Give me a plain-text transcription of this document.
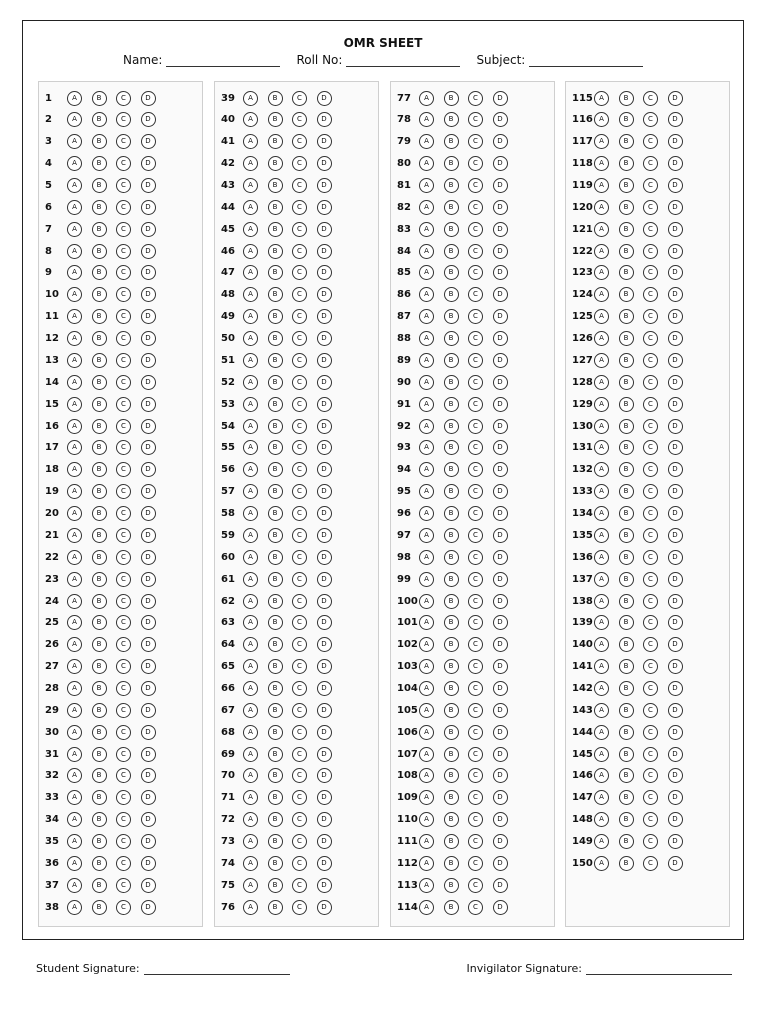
OMR SHEET
Name:	Roll No:	Subject:
1	A	B	C	D
2	A	B	C	D
3	A	B	C	D
4	A	B	C	D
5	A	B	C	D
6	A	B	C	D
7	A	B	C	D
8	A	B	C	D
9	A	B	C	D
10	A	B	C	D
11	A	B	C	D
12	A	B	C	D
13	A	B	C	D
14	A	B	C	D
15	A	B	C	D
16	A	B	C	D
17	A	B	C	D
18	A	B	C	D
19	A	B	C	D
20	A	B	C	D
21	A	B	C	D
22	A	B	C	D
23	A	B	C	D
24	A	B	C	D
25	A	B	C	D
26	A	B	C	D
27	A	B	C	D
28	A	B	C	D
29	A	B	C	D
30	A	B	C	D
31	A	B	C	D
32	A	B	C	D
33	A	B	C	D
34	A	B	C	D
35	A	B	C	D
36	A	B	C	D
37	A	B	C	D
38	A	B	C	D
39	A	B	C	D
40	A	B	C	D
41	A	B	C	D
42	A	B	C	D
43	A	B	C	D
44	A	B	C	D
45	A	B	C	D
46	A	B	C	D
47	A	B	C	D
48	A	B	C	D
49	A	B	C	D
50	A	B	C	D
51	A	B	C	D
52	A	B	C	D
53	A	B	C	D
54	A	B	C	D
55	A	B	C	D
56	A	B	C	D
57	A	B	C	D
58	A	B	C	D
59	A	B	C	D
60	A	B	C	D
61	A	B	C	D
62	A	B	C	D
63	A	B	C	D
64	A	B	C	D
65	A	B	C	D
66	A	B	C	D
67	A	B	C	D
68	A	B	C	D
69	A	B	C	D
70	A	B	C	D
71	A	B	C	D
72	A	B	C	D
73	A	B	C	D
74	A	B	C	D
75	A	B	C	D
76	A	B	C	D
77	A	B	C	D
78	A	B	C	D
79	A	B	C	D
80	A	B	C	D
81	A	B	C	D
82	A	B	C	D
83	A	B	C	D
84	A	B	C	D
85	A	B	C	D
86	A	B	C	D
87	A	B	C	D
88	A	B	C	D
89	A	B	C	D
90	A	B	C	D
91	A	B	C	D
92	A	B	C	D
93	A	B	C	D
94	A	B	C	D
95	A	B	C	D
96	A	B	C	D
97	A	B	C	D
98	A	B	C	D
99	A	B	C	D
100 A	B	C	D
101 A	B	C	D
102 A	B	C	D
103 A	B	C	D
104 A	B	C	D
105 A	B	C	D
106 A	B	C	D
107 A	B	C	D
108 A	B	C	D
109 A	B	C	D
110 A	B	C	D
111 A	B	C	D
112 A	B	C	D
113 A	B	C	D
114 A	B	C	D
115 A	B	C	D
116 A	B	C	D
117 A	B	C	D
118 A	B	C	D
119 A	B	C	D
120 A	B	C	D
121 A	B	C	D
122 A	B	C	D
123 A	B	C	D
124 A	B	C	D
125 A	B	C	D
126 A	B	C	D
127 A	B	C	D
128 A	B	C	D
129 A	B	C	D
130 A	B	C	D
131 A	B	C	D
132 A	B	C	D
133 A	B	C	D
134 A	B	C	D
135 A	B	C	D
136 A	B	C	D
137 A	B	C	D
138 A	B	C	D
139 A	B	C	D
140 A	B	C	D
141 A	B	C	D
142 A	B	C	D
143 A	B	C	D
144 A	B	C	D
145 A	B	C	D
146 A	B	C	D
147 A	B	C	D
148 A	B	C	D
149 A	B	C	D
150 A	B	C	D
Student Signature:	Invigilator Signature:
